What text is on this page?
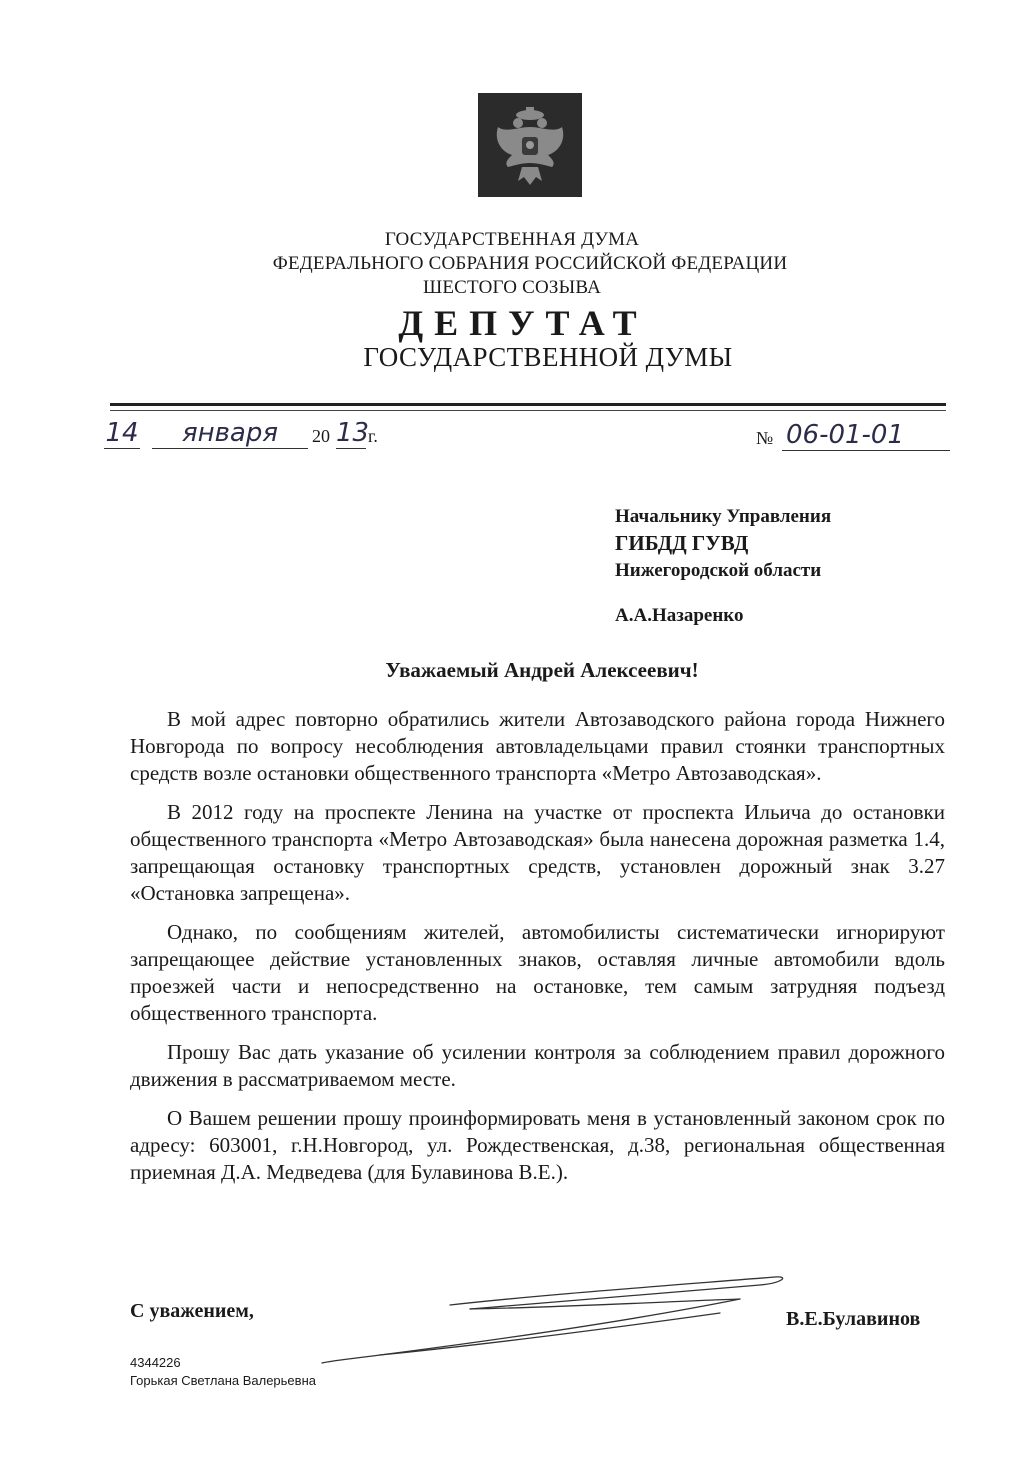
ГОСУДАРСТВЕННАЯ ДУМА
ФЕДЕРАЛЬНОГО СОБРАНИЯ РОССИЙСКОЙ ФЕДЕРАЦИИ
ШЕСТОГО СОЗЫВА
ДЕПУТАТ
ГОСУДАРСТВЕННОЙ ДУМЫ
14	января	20 13
г.	№ 06-01-01
Начальнику Управления
ГИБДД ГУВД
Нижегородской области
А.А.Назаренко
Уважаемый Андрей Алексеевич!

В мой адрес повторно обратились жители Автозаводского района города Нижнего Новгорода по вопросу несоблюдения автовладельцами правил стоянки транспортных средств возле остановки общественного транспорта «Метро Автозаводская».

В 2012 году на проспекте Ленина на участке от проспекта Ильича до остановки общественного транспорта «Метро Автозаводская» была нанесена дорожная разметка 1.4, запрещающая остановку транспортных средств, установлен дорожный знак 3.27 «Остановка запрещена».

Однако, по сообщениям жителей, автомобилисты систематически игнорируют запрещающее действие установленных знаков, оставляя личные автомобили вдоль проезжей части и непосредственно на остановке, тем самым затрудняя подъезд общественного транспорта.

Прошу Вас дать указание об усилении контроля за соблюдением правил дорожного движения в рассматриваемом месте.

О Вашем решении прошу проинформировать меня в установленный законом срок по адресу: 603001, г.Н.Новгород, ул. Рождественская, д.38, региональная общественная приемная Д.А. Медведева (для Булавинова В.Е.).

С уважением,	В.Е.Булавинов
4344226
Горькая Светлана Валерьевна
